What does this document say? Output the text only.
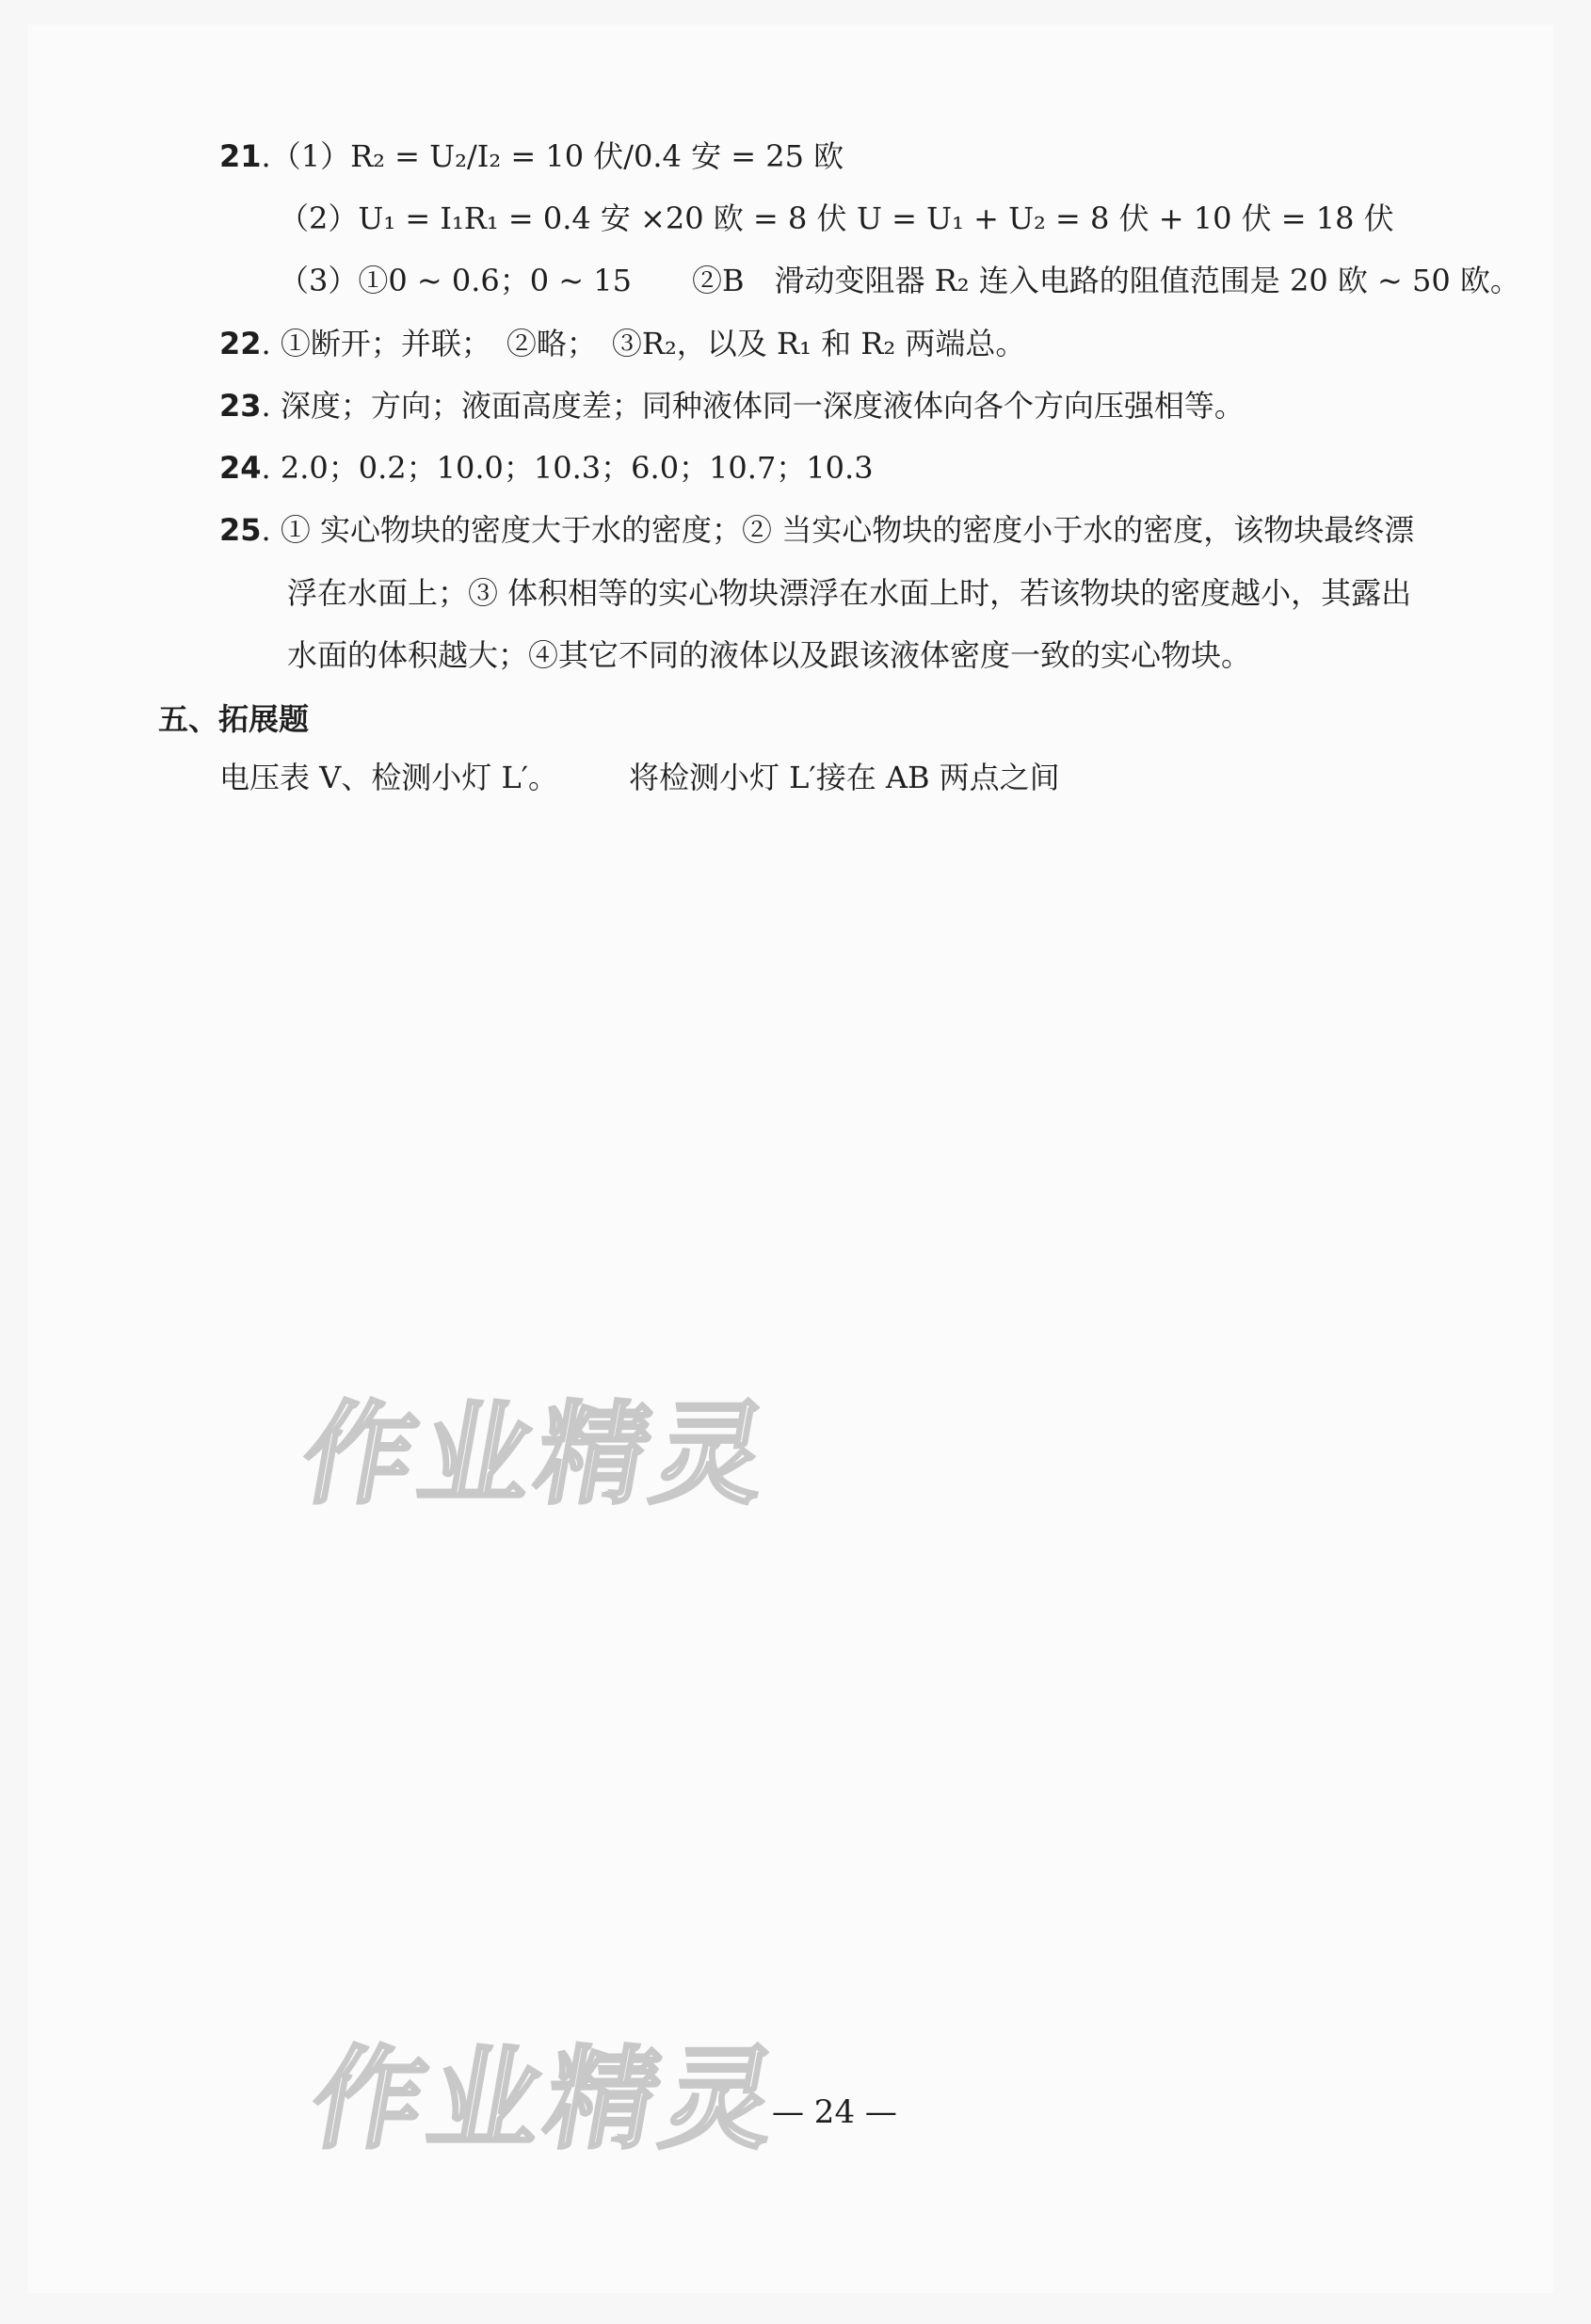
21.（1）R₂ = U₂/I₂ = 10 伏/0.4 安 = 25 欧
（2）U₁ = I₁R₁ = 0.4 安 ×20 欧 = 8 伏 U = U₁ + U₂ = 8 伏 + 10 伏 = 18 伏
（3）①0 ~ 0.6；0 ~ 15　　②B　滑动变阻器 R₂ 连入电路的阻值范围是 20 欧 ~ 50 欧。
22. ①断开；并联；　②略；　③R₂，以及 R₁ 和 R₂ 两端总。
23. 深度；方向；液面高度差；同种液体同一深度液体向各个方向压强相等。
24. 2.0；0.2；10.0；10.3；6.0；10.7；10.3
25. ① 实心物块的密度大于水的密度；② 当实心物块的密度小于水的密度，该物块最终漂
浮在水面上；③ 体积相等的实心物块漂浮在水面上时，若该物块的密度越小，其露出
水面的体积越大；④其它不同的液体以及跟该液体密度一致的实心物块。
五、拓展题
电压表 V、检测小灯 L′。 将检测小灯 L′接在 AB 两点之间
作业精灵
作业精灵
— 24 —
